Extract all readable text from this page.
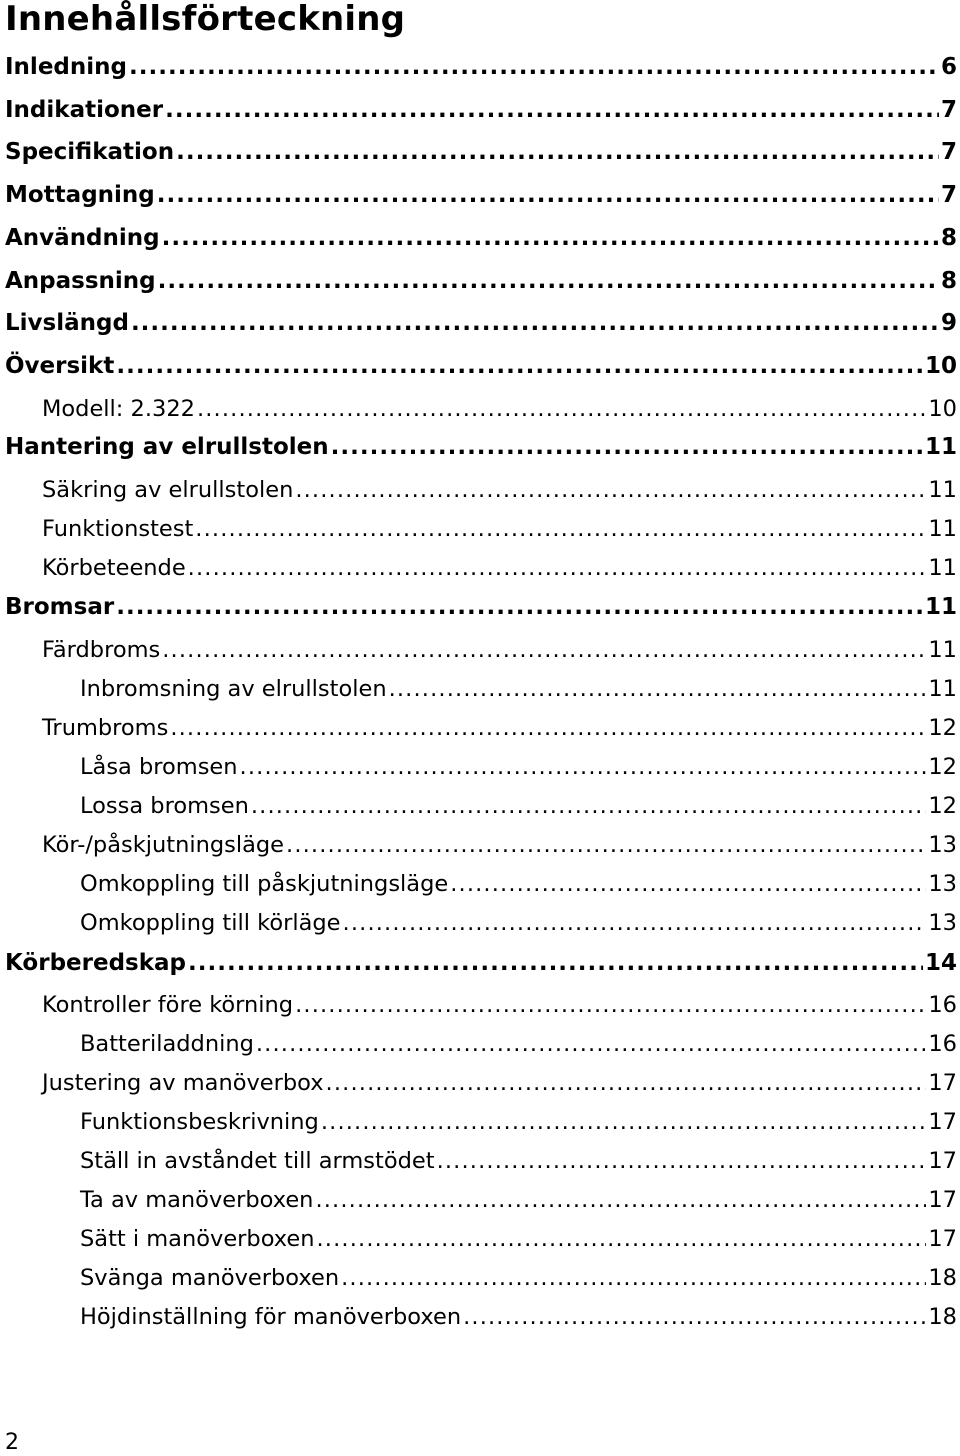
Innehållsförteckning
Inledning . . .	6
Indikationer . . .	7
Specifikation . . .	7
Mottagning . . .	7
Användning . . .	8
Anpassning . . .	8
Livslängd . . .	9
Översikt . . .	10
Modell: 2.322 . . .	10
Hantering av elrullstolen . . .	11
Säkring av elrullstolen . . .	11
Funktionstest . . .	11
Körbeteende . . .	11
Bromsar . . .	11
Färdbroms . . .	11
Inbromsning av elrullstolen . . .	11
Trumbroms . . .	12
Låsa bromsen . . .	12
Lossa bromsen . . .	12
Kör-/påskjutningsläge . . .	13
Omkoppling till påskjutningsläge . . .	13
Omkoppling till körläge . . .	13
Körberedskap . . .	14
Kontroller före körning . . .	16
Batteriladdning . . .	16
Justering av manöverbox . . .	17
Funktionsbeskrivning . . .	17
Ställ in avståndet till armstödet . . .	17
Ta av manöverboxen . . .	17
Sätt i manöverboxen . . .	17
Svänga manöverboxen . . .	18
Höjdinställning för manöverboxen . . .	18
2
